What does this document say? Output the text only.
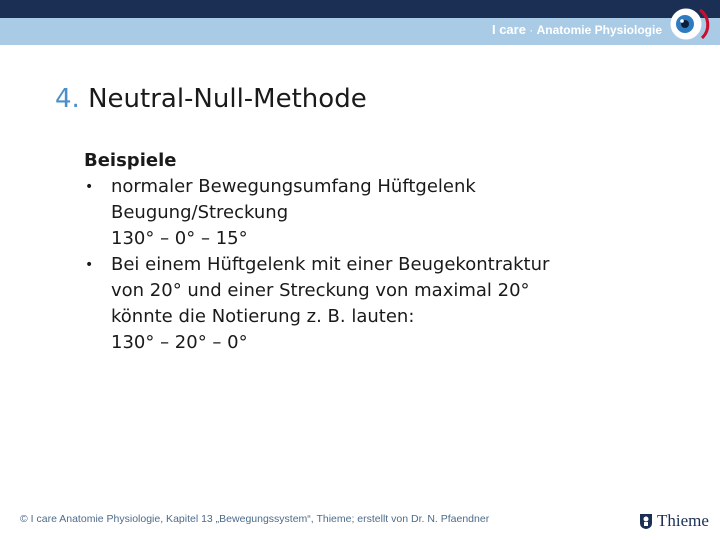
I care · Anatomie Physiologie
4. Neutral-Null-Methode
Beispiele
• normaler Bewegungsumfang Hüftgelenk
Beugung/Streckung
130° – 0° – 15°
• Bei einem Hüftgelenk mit einer Beugekontraktur
von 20° und einer Streckung von maximal 20°
könnte die Notierung z. B. lauten:
130° – 20° – 0°
© I care Anatomie Physiologie, Kapitel 13 „Bewegungssystem“, Thieme; erstellt von Dr. N. Pfaendner	Thieme
